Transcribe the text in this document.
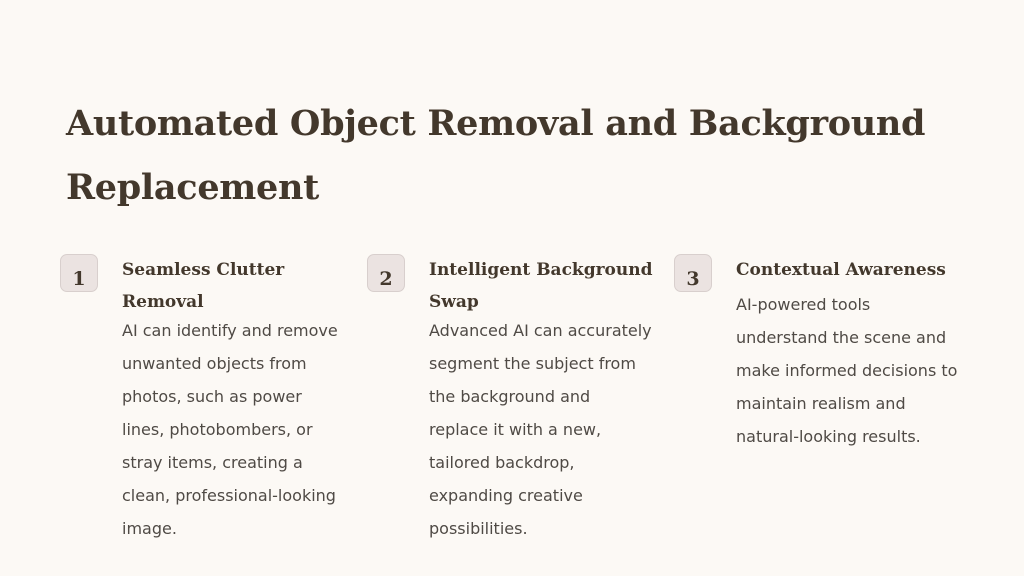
Automated Object Removal and Background Replacement
1 Seamless Clutter Removal

AI can identify and remove unwanted objects from photos, such as power lines, photobombers, or stray items, creating a clean, professional-looking image.

2 Intelligent Background Swap

Advanced AI can accurately segment the subject from the background and replace it with a new, tailored backdrop, expanding creative possibilities.

3 Contextual Awareness

AI-powered tools understand the scene and make informed decisions to maintain realism and natural-looking results.
